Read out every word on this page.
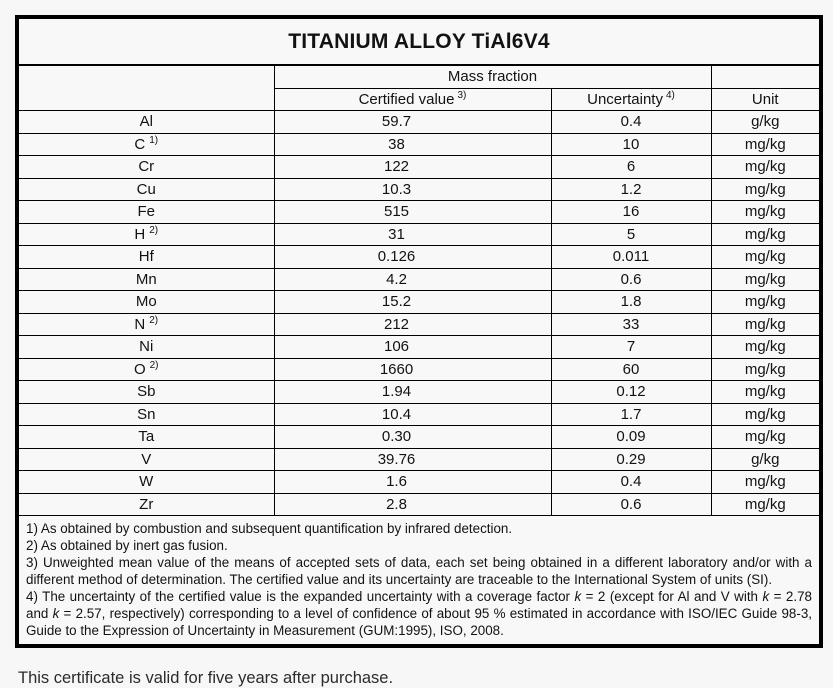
TITANIUM ALLOY TiAl6V4
	Mass fraction		
	Certified value $^{3)}$	Uncertainty $^{4)}$	Unit
Al	59.7	0.4	g/kg
C $^{1)}$	38	10	mg/kg
Cr	122	6	mg/kg
Cu	10.3	1.2	mg/kg
Fe	515	16	mg/kg
H $^{2)}$	31	5	mg/kg
Hf	0.126	0.011	mg/kg
Mn	4.2	0.6	mg/kg
Mo	15.2	1.8	mg/kg
N $^{2)}$	212	33	mg/kg
Ni	106	7	mg/kg
O $^{2)}$	1660	60	mg/kg
Sb	1.94	0.12	mg/kg
Sn	10.4	1.7	mg/kg
Ta	0.30	0.09	mg/kg
V	39.76	0.29	g/kg
W	1.6	0.4	mg/kg
Zr	2.8	0.6	mg/kg
1) As obtained by combustion and subsequent quantification by infrared detection.
2) As obtained by inert gas fusion.
3) Unweighted mean value of the means of accepted sets of data, each set being obtained in a different laboratory and/or with a different method of determination. The certified value and its uncertainty are traceable to the International System of units (SI).
4) The uncertainty of the certified value is the expanded uncertainty with a coverage factor k = 2 (except for Al and V with k = 2.78 and k = 2.57, respectively) corresponding to a level of confidence of about 95 % estimated in accordance with ISO/IEC Guide 98-3, Guide to the Expression of Uncertainty in Measurement (GUM:1995), ISO, 2008.
This certificate is valid for five years after purchase.
